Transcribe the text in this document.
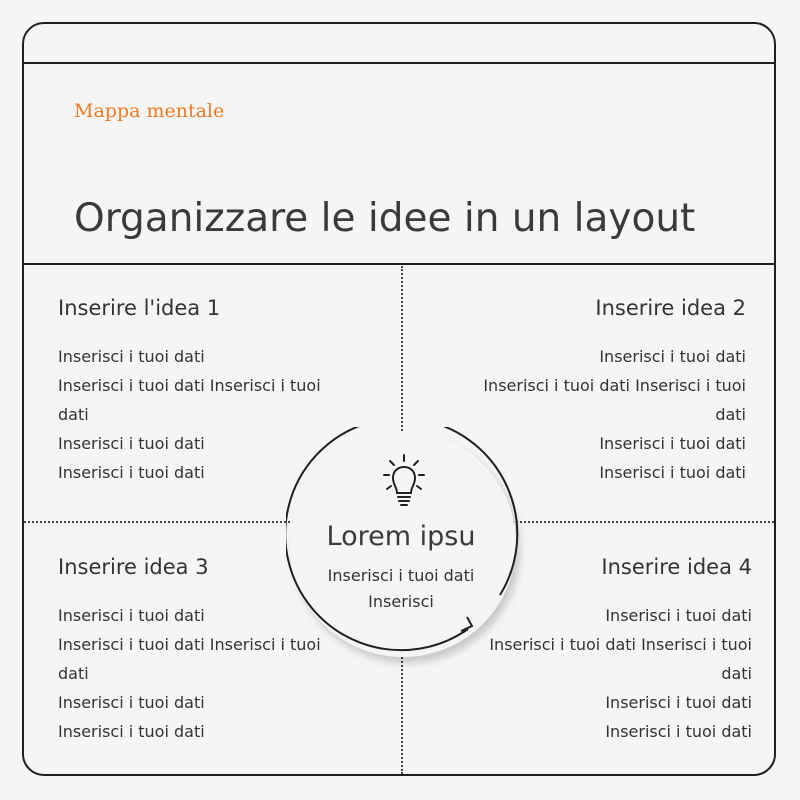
Mappa mentale
Organizzare le idee in un layout
Inserire l'idea 1
Inserisci i tuoi dati
Inserisci i tuoi dati Inserisci i tuoi dati
Inserisci i tuoi dati
Inserisci i tuoi dati
Inserire idea 2
Inserisci i tuoi dati
Inserisci i tuoi dati Inserisci i tuoi dati
Inserisci i tuoi dati
Inserisci i tuoi dati
Inserire idea 3
Inserisci i tuoi dati
Inserisci i tuoi dati Inserisci i tuoi dati
Inserisci i tuoi dati
Inserisci i tuoi dati
Inserire idea 4
Inserisci i tuoi dati
Inserisci i tuoi dati Inserisci i tuoi dati
Inserisci i tuoi dati
Inserisci i tuoi dati
Lorem ipsu
Inserisci i tuoi dati Inserisci
